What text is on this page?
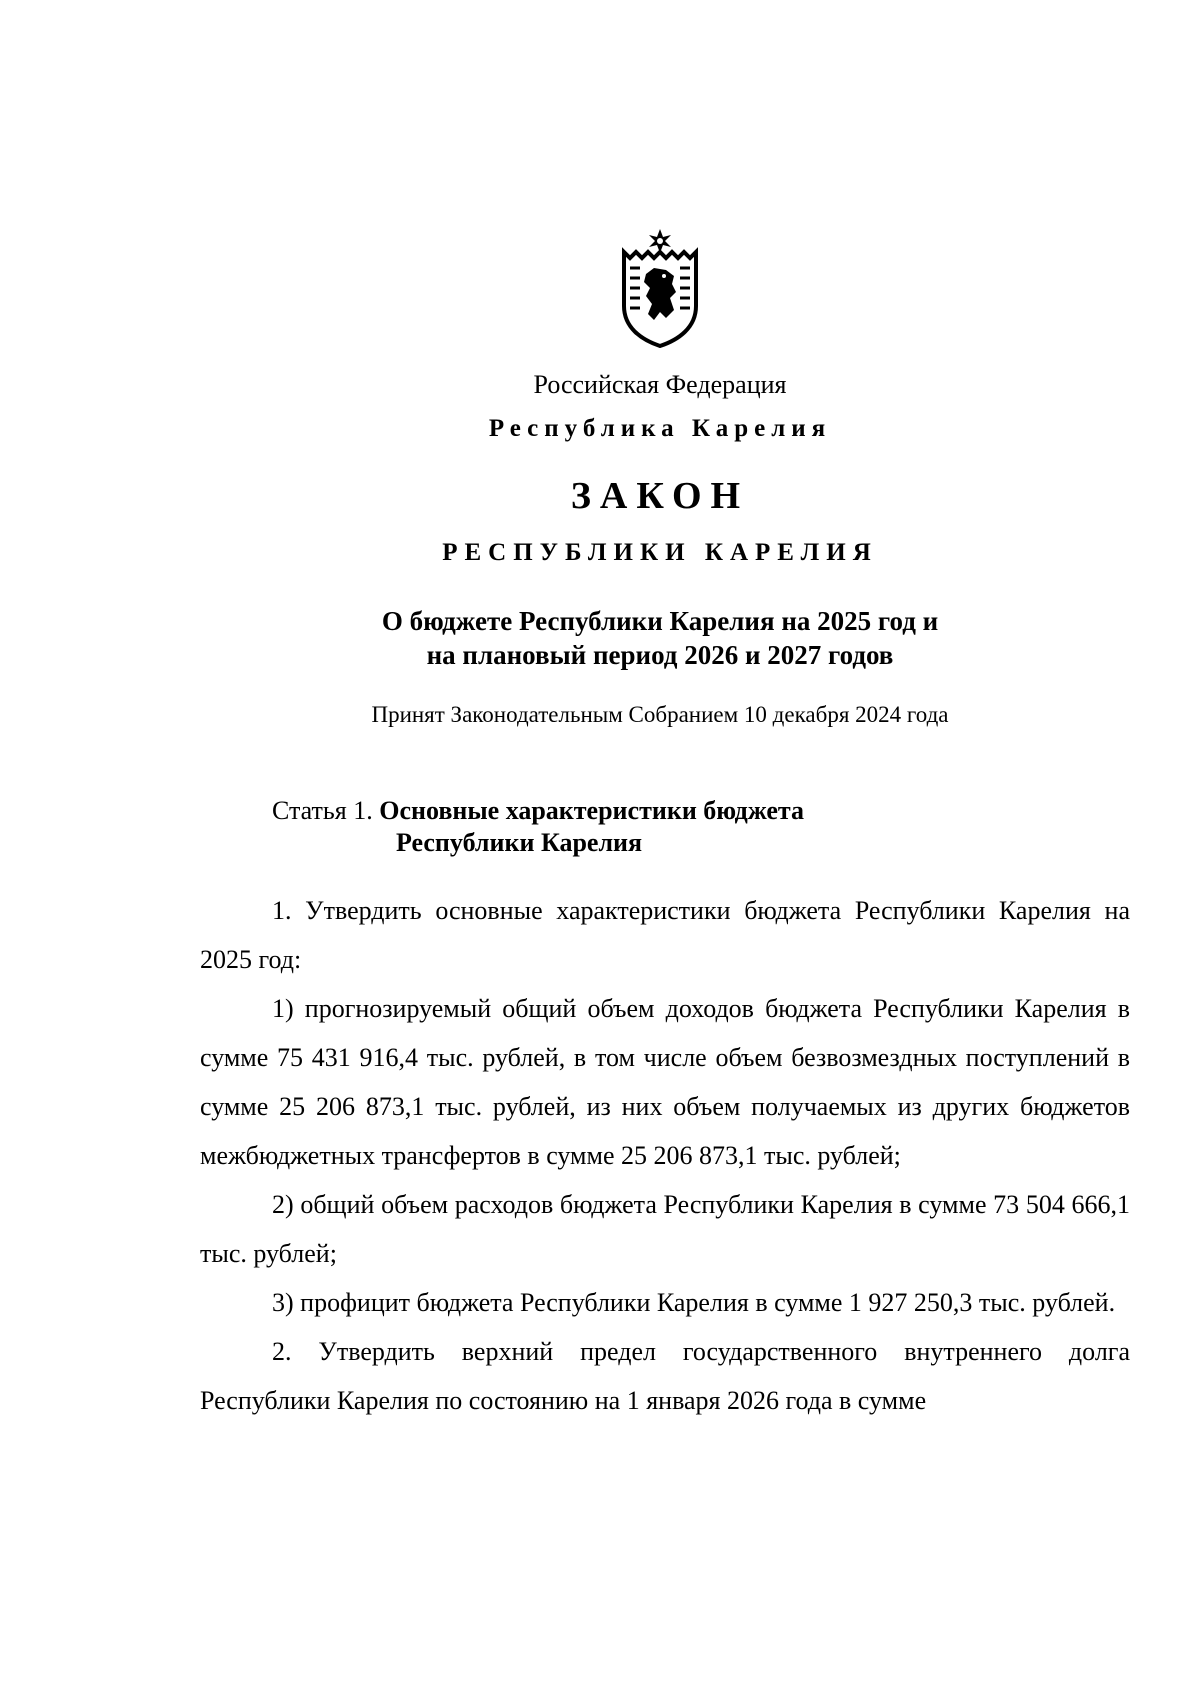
Российская Федерация
Республика Карелия
ЗАКОН
РЕСПУБЛИКИ КАРЕЛИЯ
О бюджете Республики Карелия на 2025 год и
на плановый период 2026 и 2027 годов
Принят Законодательным Собранием 10 декабря 2024 года
Статья 1. Основные характеристики бюджета
Республики Карелия

1. Утвердить основные характеристики бюджета Республики Карелия на 2025 год:

1) прогнозируемый общий объем доходов бюджета Республики Карелия в сумме 75 431 916,4 тыс. рублей, в том числе объем безвозмездных поступлений в сумме 25 206 873,1 тыс. рублей, из них объем получаемых из других бюджетов межбюджетных трансфертов в сумме 25 206 873,1 тыс. рублей;

2) общий объем расходов бюджета Республики Карелия в сумме 73 504 666,1 тыс. рублей;

3) профицит бюджета Республики Карелия в сумме 1 927 250,3 тыс. рублей.

2. Утвердить верхний предел государственного внутреннего долга Республики Карелия по состоянию на 1 января 2026 года в сумме
